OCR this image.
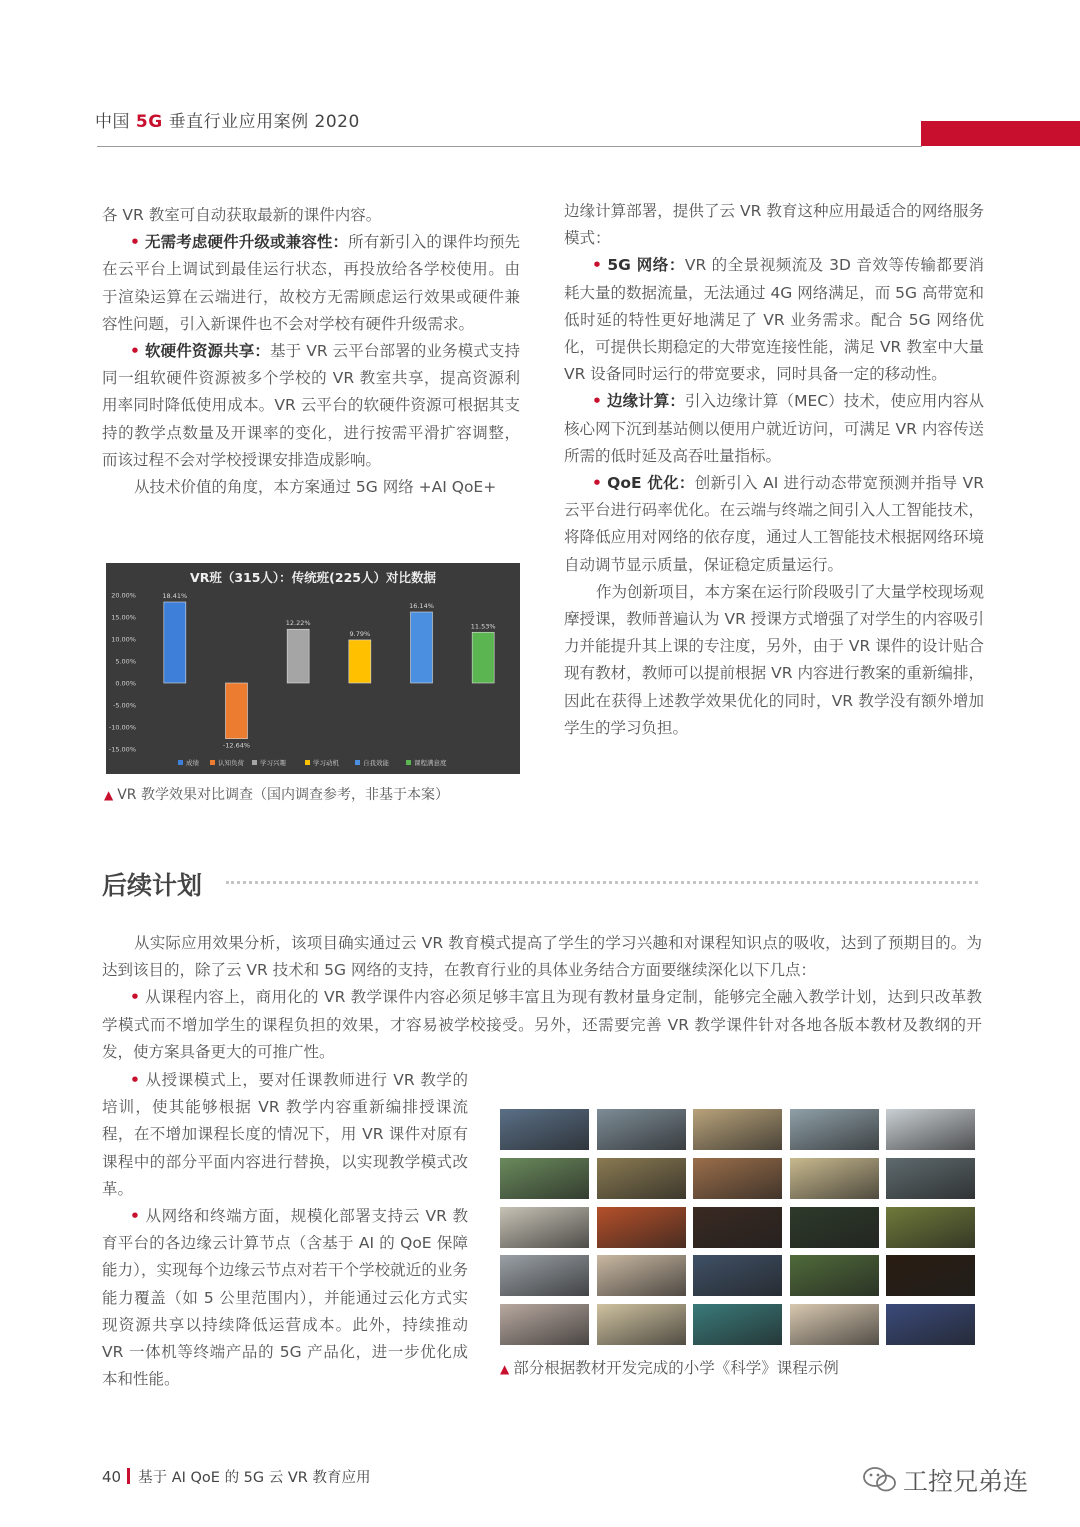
中国 5G 垂直行业应用案例 2020

各 VR 教室可自动获取最新的课件内容。

• 无需考虑硬件升级或兼容性：所有新引入的课件均预先在云平台上调试到最佳运行状态，再投放给各学校使用。由于渲染运算在云端进行，故校方无需顾虑运行效果或硬件兼容性问题，引入新课件也不会对学校有硬件升级需求。

• 软硬件资源共享：基于 VR 云平台部署的业务模式支持同一组软硬件资源被多个学校的 VR 教室共享，提高资源利用率同时降低使用成本。VR 云平台的软硬件资源可根据其支持的教学点数量及开课率的变化，进行按需平滑扩容调整，而该过程不会对学校授课安排造成影响。

从技术价值的角度，本方案通过 5G 网络 +AI QoE+

边缘计算部署，提供了云 VR 教育这种应用最适合的网络服务模式：

• 5G 网络：VR 的全景视频流及 3D 音效等传输都要消耗大量的数据流量，无法通过 4G 网络满足，而 5G 高带宽和低时延的特性更好地满足了 VR 业务需求。配合 5G 网络优化，可提供长期稳定的大带宽连接性能，满足 VR 教室中大量 VR 设备同时运行的带宽要求，同时具备一定的移动性。

• 边缘计算：引入边缘计算（MEC）技术，使应用内容从核心网下沉到基站侧以便用户就近访问，可满足 VR 内容传送所需的低时延及高吞吐量指标。

• QoE 优化：创新引入 AI 进行动态带宽预测并指导 VR 云平台进行码率优化。在云端与终端之间引入人工智能技术，将降低应用对网络的依存度，通过人工智能技术根据网络环境自动调节显示质量，保证稳定质量运行。

作为创新项目，本方案在运行阶段吸引了大量学校现场观摩授课，教师普遍认为 VR 授课方式增强了对学生的内容吸引力并能提升其上课的专注度，另外，由于 VR 课件的设计贴合现有教材，教师可以提前根据 VR 内容进行教案的重新编排，因此在获得上述教学效果优化的同时，VR 教学没有额外增加学生的学习负担。

VR班（315人）：传统班(225人）对比数据
20.00%
15.00%
10.00%
5.00%
0.00%
-5.00%
-10.00%
-15.00%
18.41%
-12.64%
12.22%
9.79%
16.14%
11.53%
成绩	认知负荷 学习兴趣	学习动机	自我效能	课程满意度
▲ VR 教学效果对比调查（国内调查参考，非基于本案）
后续计划

从实际应用效果分析，该项目确实通过云 VR 教育模式提高了学生的学习兴趣和对课程知识点的吸收，达到了预期目的。为达到该目的，除了云 VR 技术和 5G 网络的支持，在教育行业的具体业务结合方面要继续深化以下几点：

• 从课程内容上，商用化的 VR 教学课件内容必须足够丰富且为现有教材量身定制，能够完全融入教学计划，达到只改革教学模式而不增加学生的课程负担的效果，才容易被学校接受。另外，还需要完善 VR 教学课件针对各地各版本教材及教纲的开发，使方案具备更大的可推广性。

• 从授课模式上，要对任课教师进行 VR 教学的培训，使其能够根据 VR 教学内容重新编排授课流程，在不增加课程长度的情况下，用 VR 课件对原有课程中的部分平面内容进行替换，以实现教学模式改革。

• 从网络和终端方面，规模化部署支持云 VR 教育平台的各边缘云计算节点（含基于 AI 的 QoE 保障能力），实现每个边缘云节点对若干个学校就近的业务能力覆盖（如 5 公里范围内），并能通过云化方式实现资源共享以持续降低运营成本。此外，持续推动 VR 一体机等终端产品的 5G 产品化，进一步优化成本和性能。

▲ 部分根据教材开发完成的小学《科学》课程示例
40 基于 AI QoE 的 5G 云 VR 教育应用	工控兄弟连
